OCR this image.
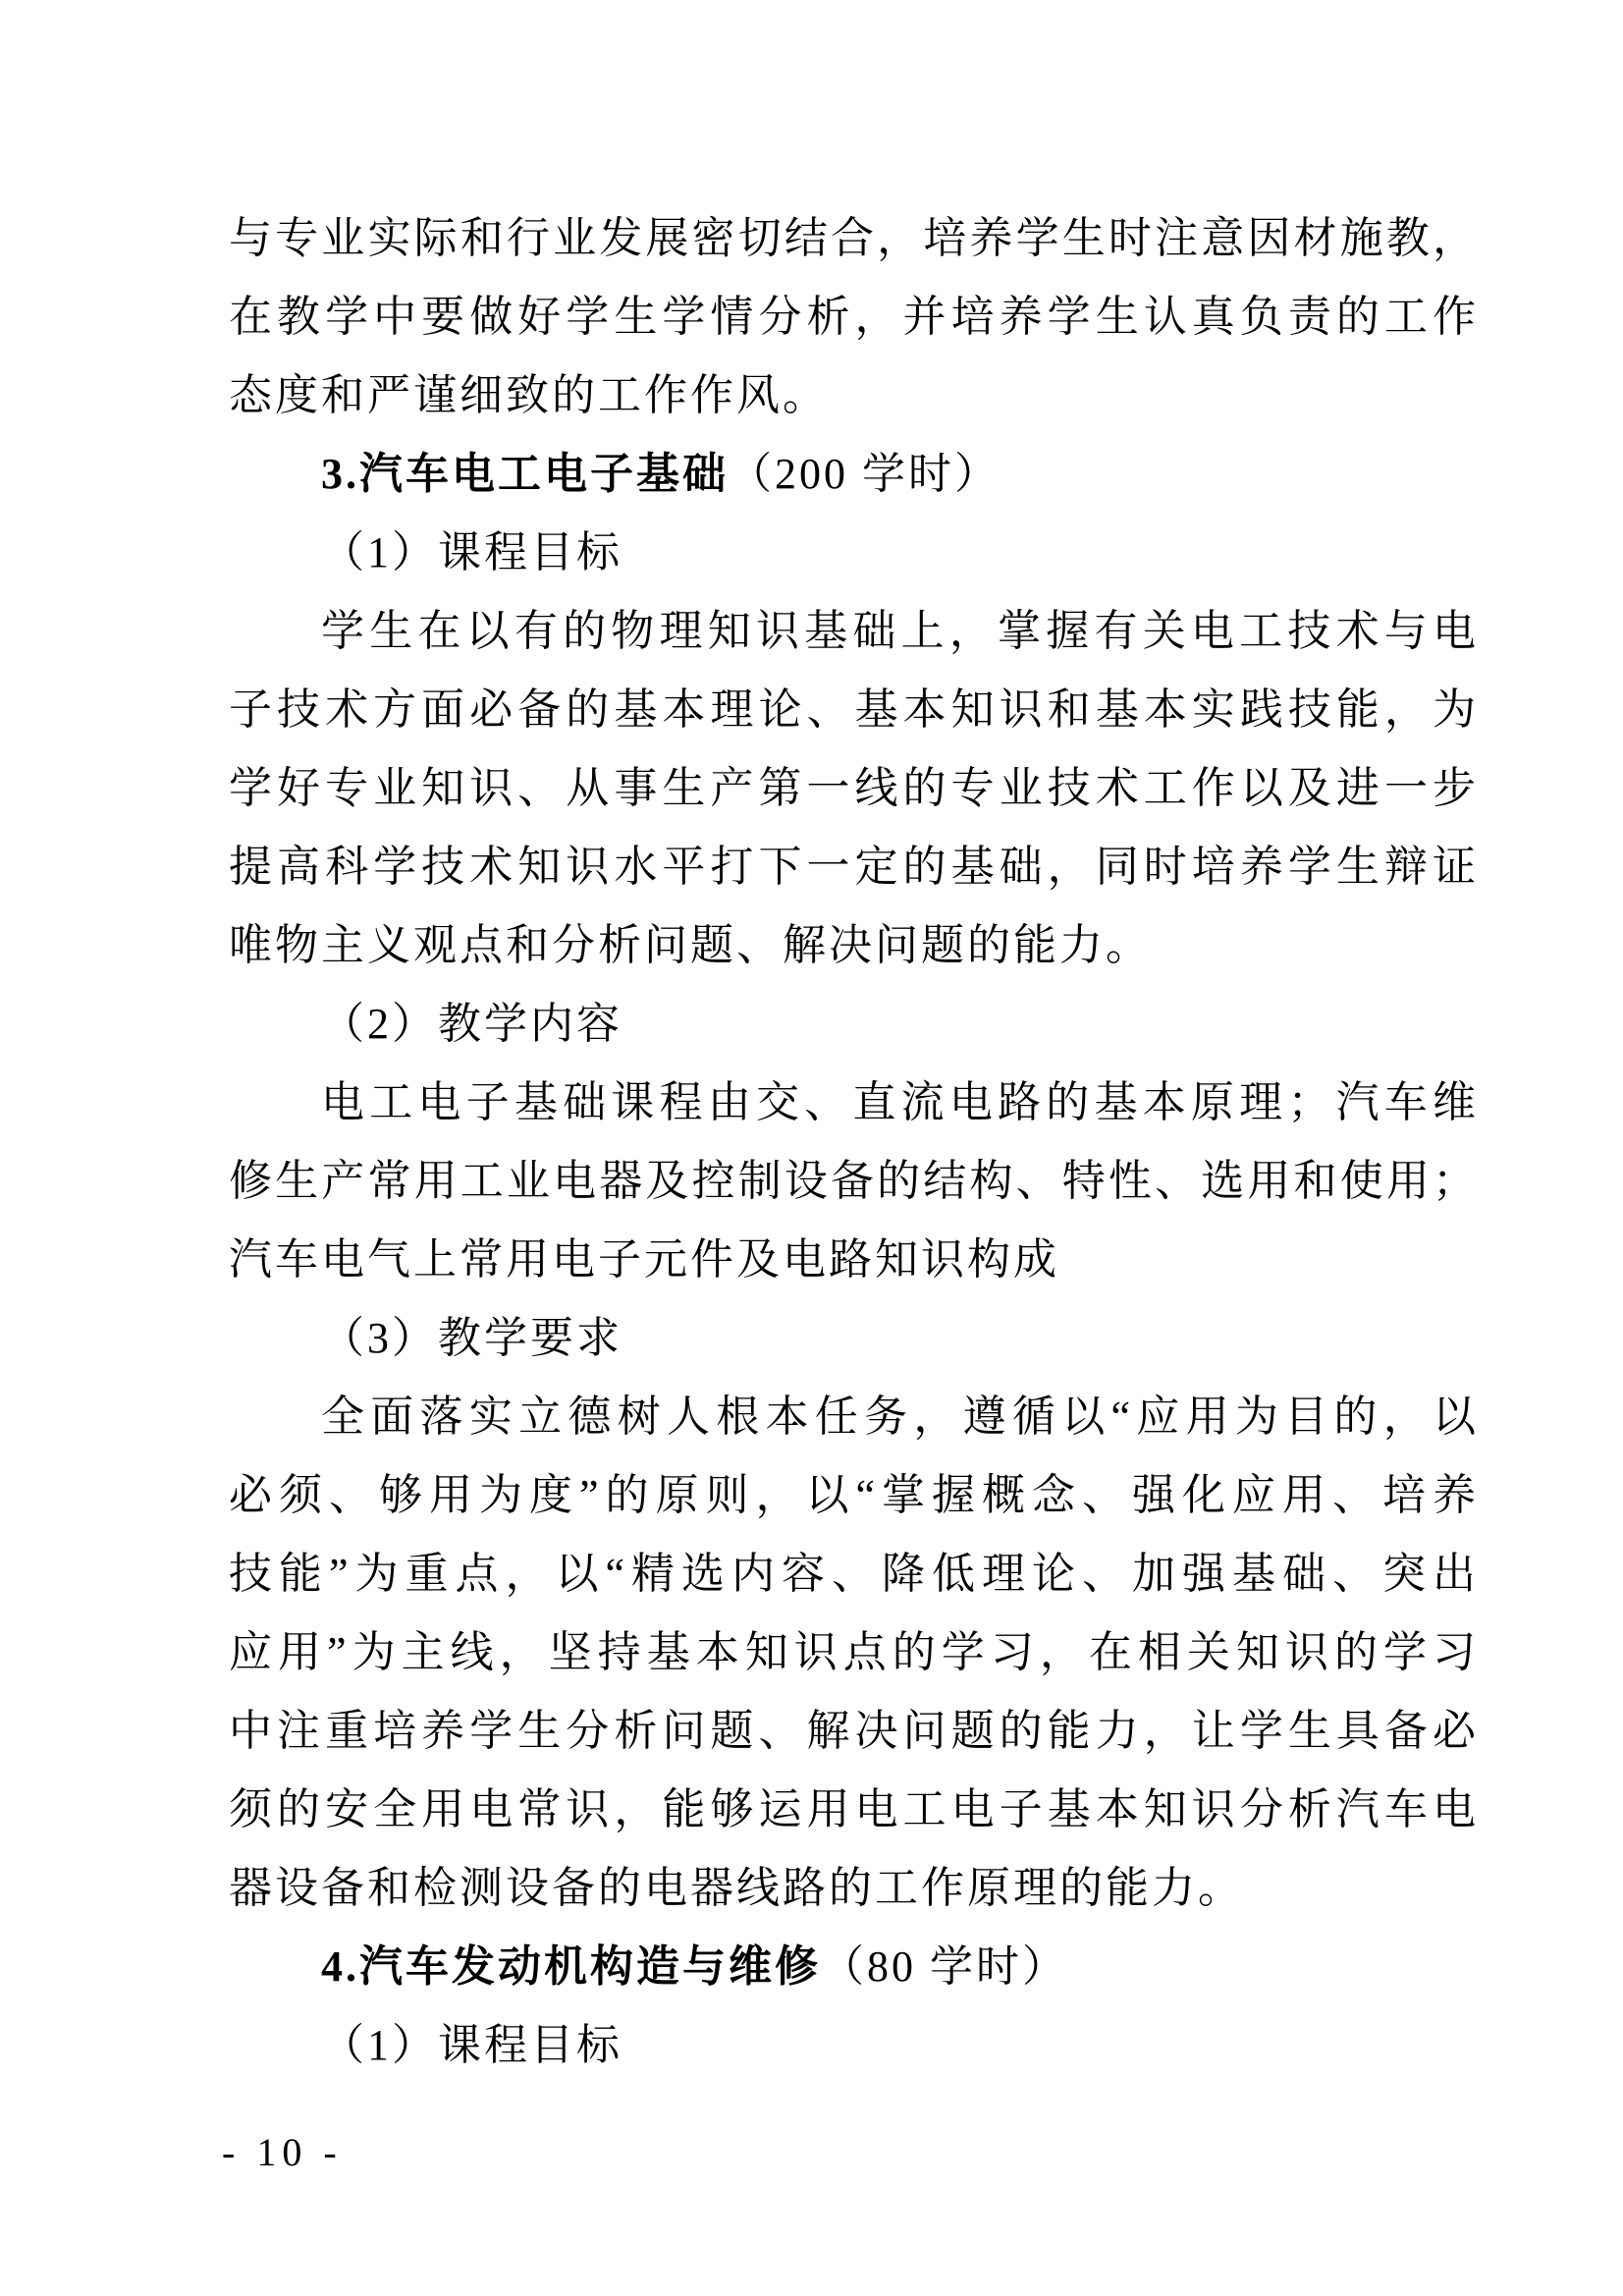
与专业实际和行业发展密切结合，培养学生时注意因材施教，
在教学中要做好学生学情分析，并培养学生认真负责的工作
态度和严谨细致的工作作风。
3.汽车电工电子基础（200 学时）
（1）课程目标
学生在以有的物理知识基础上，掌握有关电工技术与电
子技术方面必备的基本理论、基本知识和基本实践技能，为
学好专业知识、从事生产第一线的专业技术工作以及进一步
提高科学技术知识水平打下一定的基础，同时培养学生辩证
唯物主义观点和分析问题、解决问题的能力。
（2）教学内容
电工电子基础课程由交、直流电路的基本原理；汽车维
修生产常用工业电器及控制设备的结构、特性、选用和使用；
汽车电气上常用电子元件及电路知识构成
（3）教学要求
全面落实立德树人根本任务，遵循以“应用为目的，以
必须、够用为度”的原则，以“掌握概念、强化应用、培养
技能”为重点，以“精选内容、降低理论、加强基础、突出
应用”为主线，坚持基本知识点的学习，在相关知识的学习
中注重培养学生分析问题、解决问题的能力，让学生具备必
须的安全用电常识，能够运用电工电子基本知识分析汽车电
器设备和检测设备的电器线路的工作原理的能力。
4.汽车发动机构造与维修（80 学时）
（1）课程目标
- 10 -
